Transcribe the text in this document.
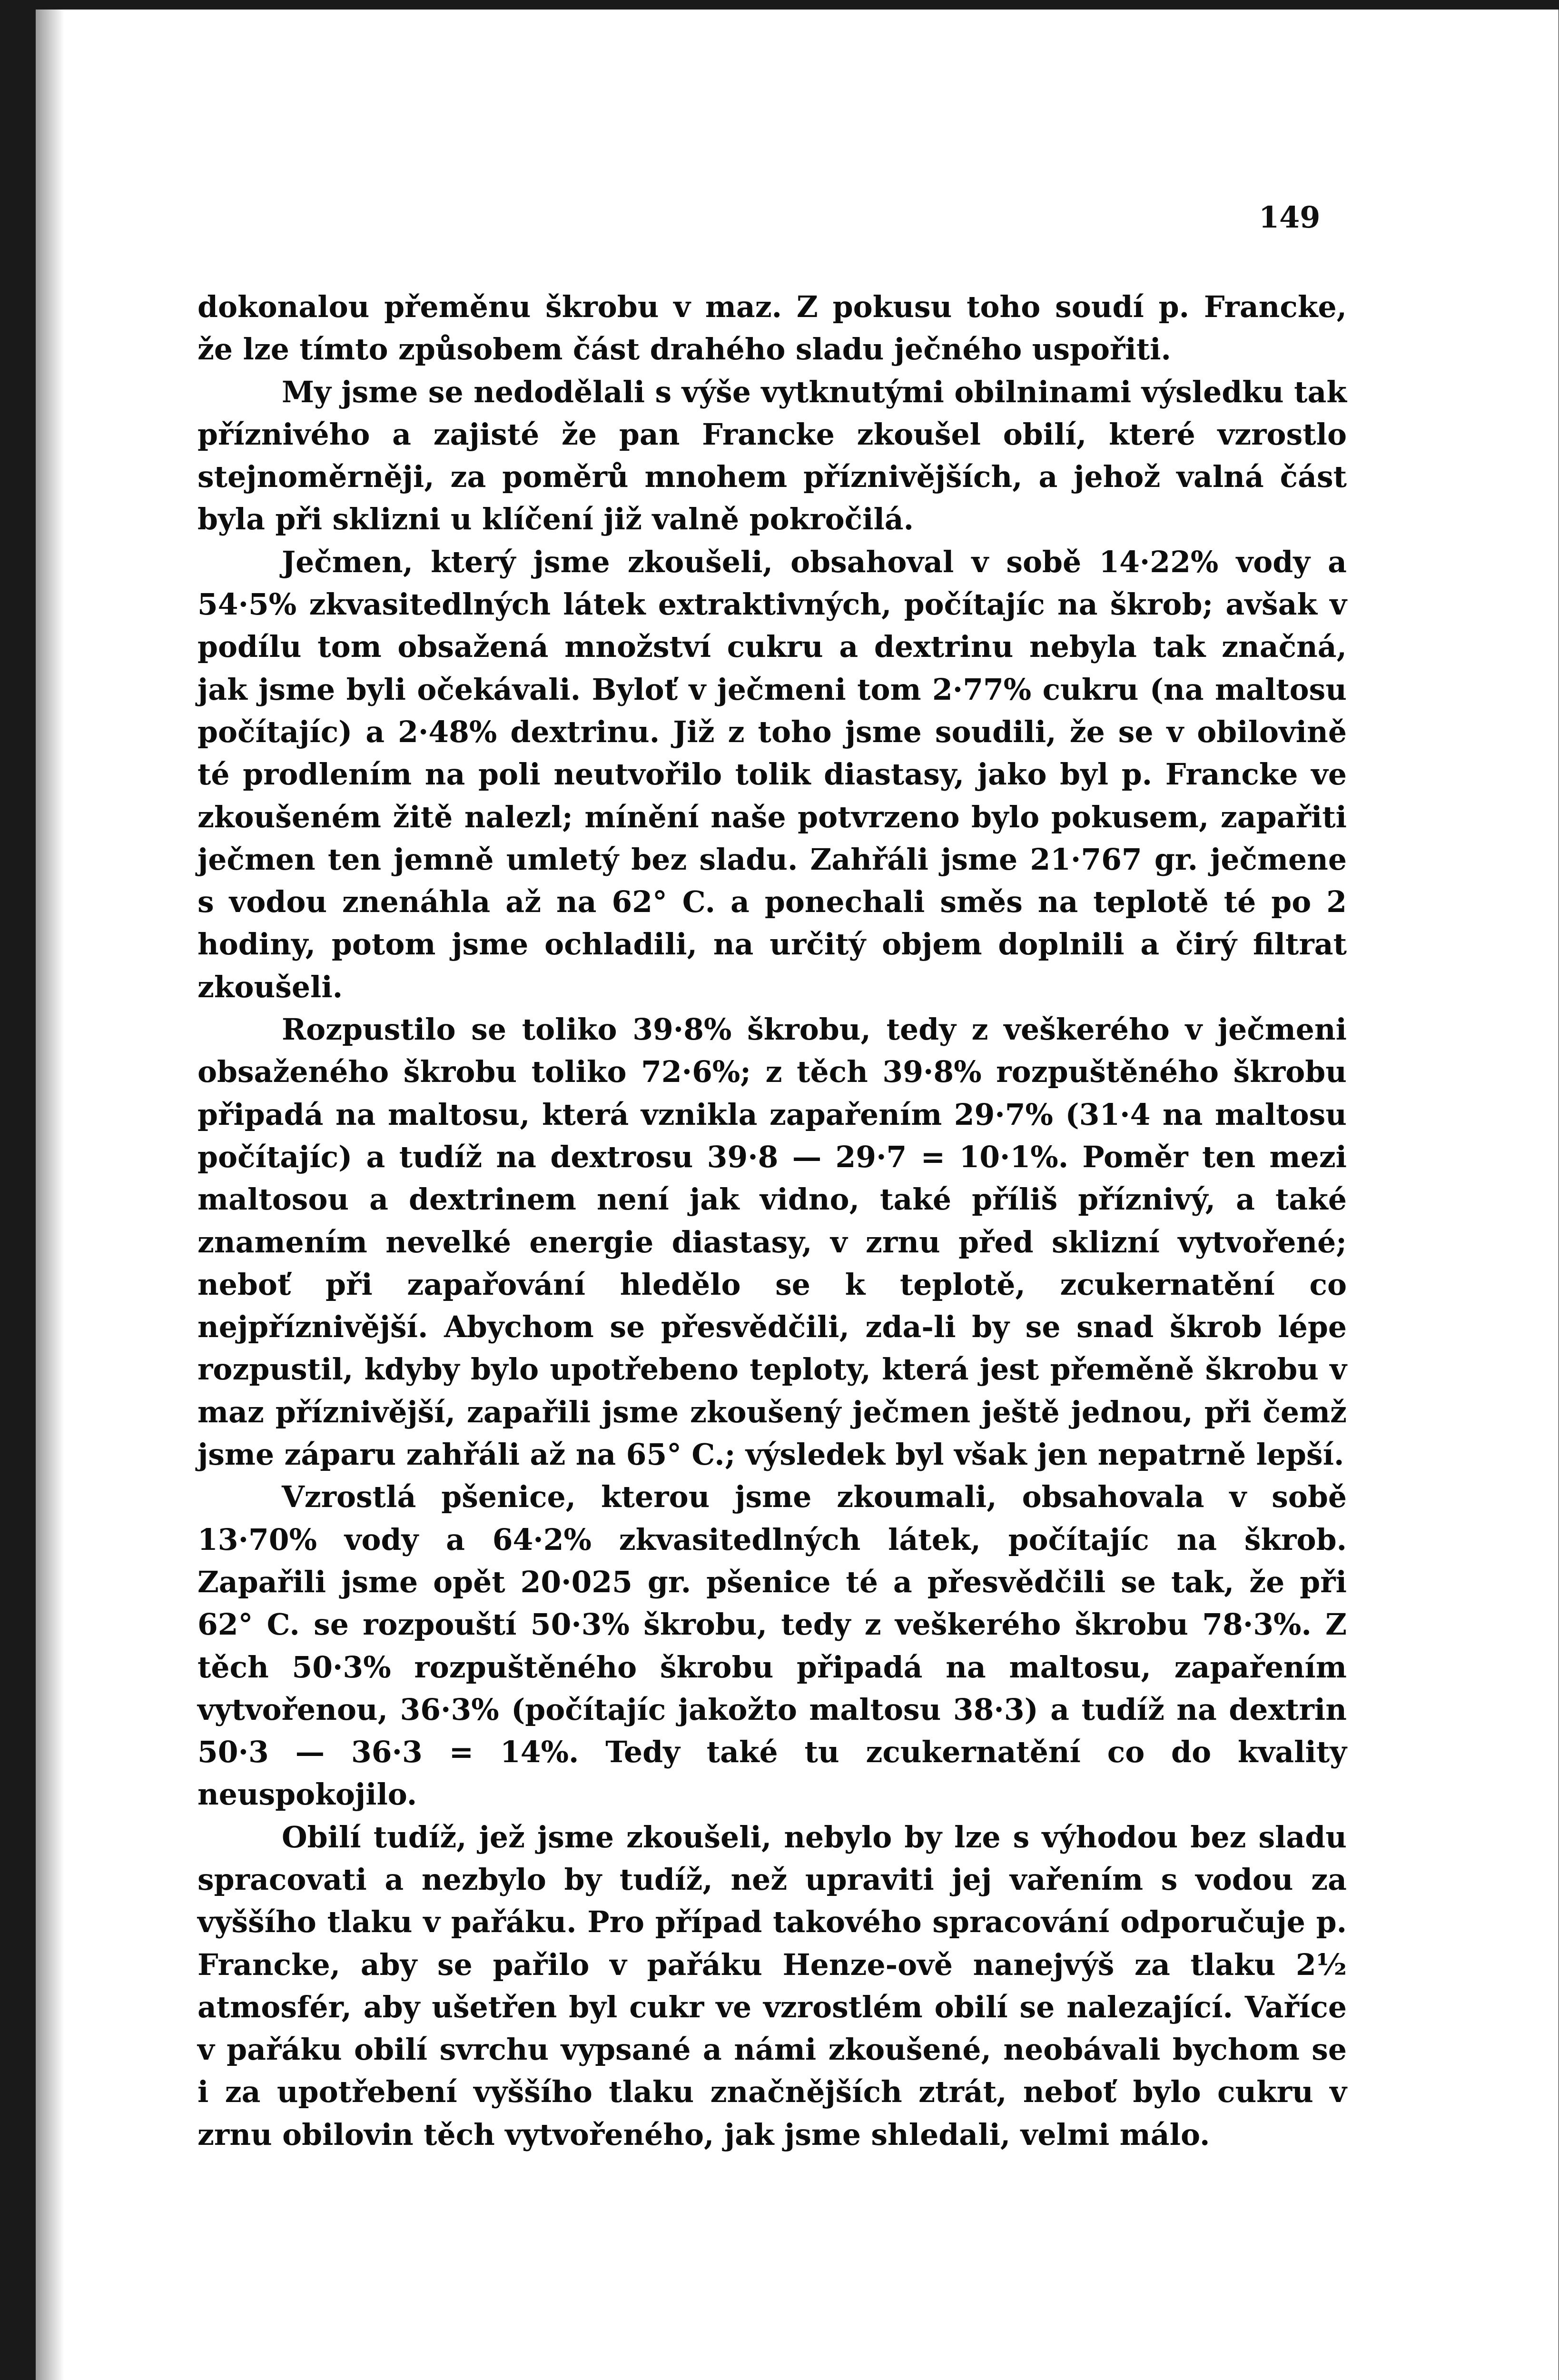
149

dokonalou přeměnu škrobu v maz. Z pokusu toho soudí p. Francke, že lze tímto způsobem část drahého sladu ječného uspořiti.

My jsme se nedodělali s výše vytknutými obilninami výsledku tak příznivého a zajisté že pan Francke zkoušel obilí, které vzrostlo stejnoměrněji, za poměrů mnohem příznivějších, a jehož valná část byla při sklizni u klíčení již valně pokročilá.

Ječmen, který jsme zkoušeli, obsahoval v sobě 14·22% vody a 54·5% zkvasitedlných látek extraktivných, počítajíc na škrob; avšak v podílu tom obsažená množství cukru a dextrinu nebyla tak značná, jak jsme byli očekávali. Bylоť v ječmeni tom 2·77% cukru (na maltosu počítajíc) a 2·48% dextrinu. Již z toho jsme soudili, že se v obilovině té prodlením na poli neutvořilo tolik diastasy, jako byl p. Francke ve zkoušeném žitě nalezl; mínění naše potvrzeno bylo pokusem, zapařiti ječmen ten jemně umletý bez sladu. Zahřáli jsme 21·767 gr. ječmene s vodou znenáhla až na 62° C. a ponechali směs na teplotě té po 2 hodiny, potom jsme ochladili, na určitý objem doplnili a čirý filtrat zkoušeli.

Rozpustilo se toliko 39·8% škrobu, tedy z veškerého v ječmeni obsaženého škrobu toliko 72·6%; z těch 39·8% rozpuštěného škrobu připadá na maltosu, která vznikla zapařením 29·7% (31·4 na maltosu počítajíc) a tudíž na dextrosu 39·8 — 29·7 = 10·1%. Poměr ten mezi maltosou a dextrinem není jak vidno, také příliš příznivý, a také znamením nevelké energie diastasy, v zrnu před sklizní vytvořené; neboť při zapařování hledělo se k teplotě, zcukernatění co nejpříznivější. Abychom se přesvědčili, zda-li by se snad škrob lépe rozpustil, kdyby bylo upotřebeno teploty, která jest přeměně škrobu v maz příznivější, zapařili jsme zkoušený ječmen ještě jednou, při čemž jsme záparu zahřáli až na 65° C.; výsledek byl však jen nepatrně lepší.

Vzrostlá pšenice, kterou jsme zkoumali, obsahovala v sobě 13·70% vody a 64·2% zkvasitedlných látek, počítajíc na škrob. Zapařili jsme opět 20·025 gr. pšenice té a přesvědčili se tak, že při 62° C. se rozpouští 50·3% škrobu, tedy z veškerého škrobu 78·3%. Z těch 50·3% rozpuštěného škrobu připadá na maltosu, zapařením vytvořenou, 36·3% (počítajíc jakožto maltosu 38·3) a tudíž na dextrin 50·3 — 36·3 = 14%. Tedy také tu zcukernatění co do kvality neuspokojilo.

Obilí tudíž, jež jsme zkoušeli, nebylo by lze s výhodou bez sladu spracovati a nezbylo by tudíž, než upraviti jej vařením s vodou za vyššího tlaku v pařáku. Pro případ takového spracování odporučuje p. Francke, aby se pařilo v pařáku Henze-ově nanejvýš za tlaku 2½ atmosfér, aby ušetřen byl cukr ve vzrostlém obilí se nalezající. Vaříce v pařáku obilí svrchu vypsané a námi zkoušené, neobávali bychom se i za upotřebení vyššího tlaku značnějších ztrát, neboť bylo cukru v zrnu obilovin těch vytvořeného, jak jsme shledali, velmi málo.
